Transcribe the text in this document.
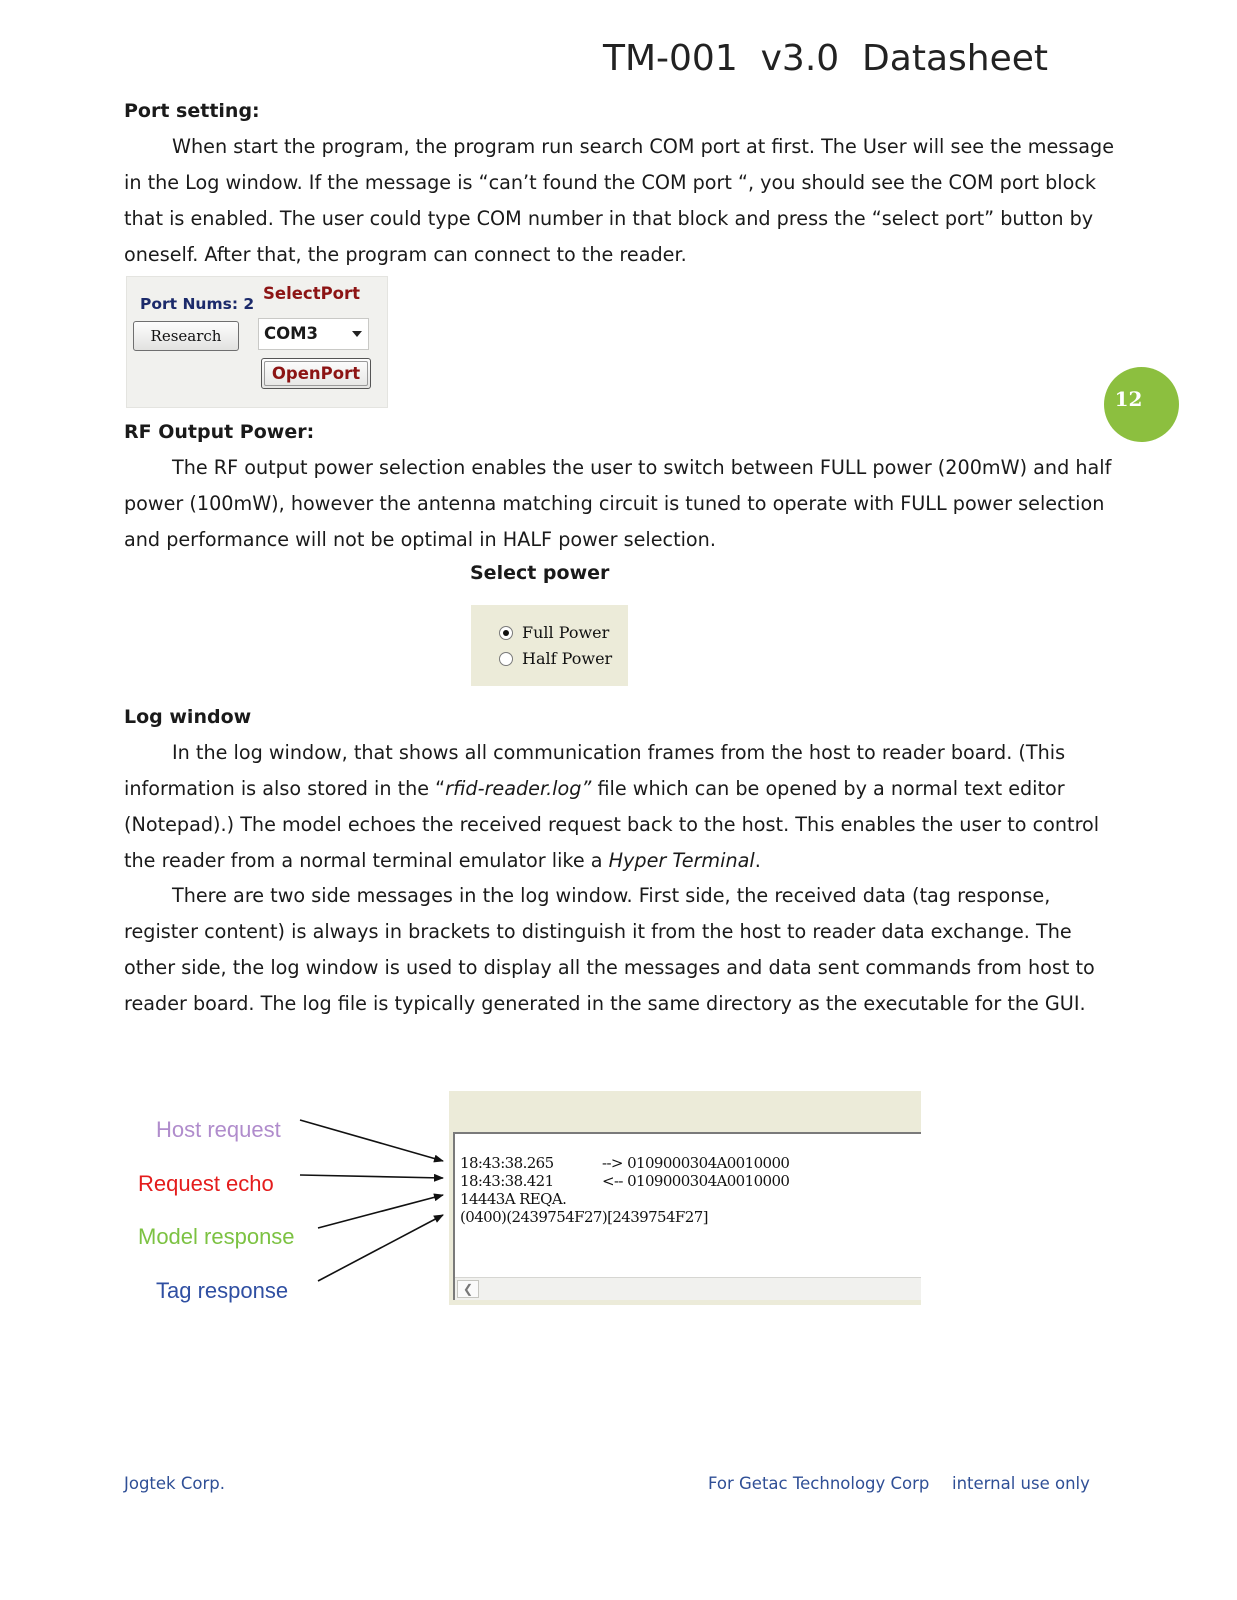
TM-001  v3.0  Datasheet
Port setting:

When start the program, the program run search COM port at first. The User will see the message in the Log window. If the message is “can’t found the COM port “, you should see the COM port block that is enabled. The user could type COM number in that block and press the “select port” button by oneself. After that, the program can connect to the reader.

Port Nums: 2
SelectPort
Research	COM3
OpenPort
12
RF Output Power:

The RF output power selection enables the user to switch between FULL power (200mW) and half power (100mW), however the antenna matching circuit is tuned to operate with FULL power selection and performance will not be optimal in HALF power selection.

Select power
Full Power
Half Power
Log window

In the log window, that shows all communication frames from the host to reader board. (This information is also stored in the “rfid-reader.log” file which can be opened by a normal text editor (Notepad).) The model echoes the received request back to the host. This enables the user to control the reader from a normal terminal emulator like a Hyper Terminal.

There are two side messages in the log window. First side, the received data (tag response, register content) is always in brackets to distinguish it from the host to reader data exchange. The other side, the log window is used to display all the messages and data sent commands from host to reader board. The log file is typically generated in the same directory as the executable for the GUI.

Host request
Request echo
Model response
Tag response
18:43:38.265	--> 0109000304A0010000
18:43:38.421	<-- 0109000304A0010000
14443A REQA.
(0400)(2439754F27)[2439754F27]
❮
Jogtek Corp.	For Getac Technology Corp internal use only
